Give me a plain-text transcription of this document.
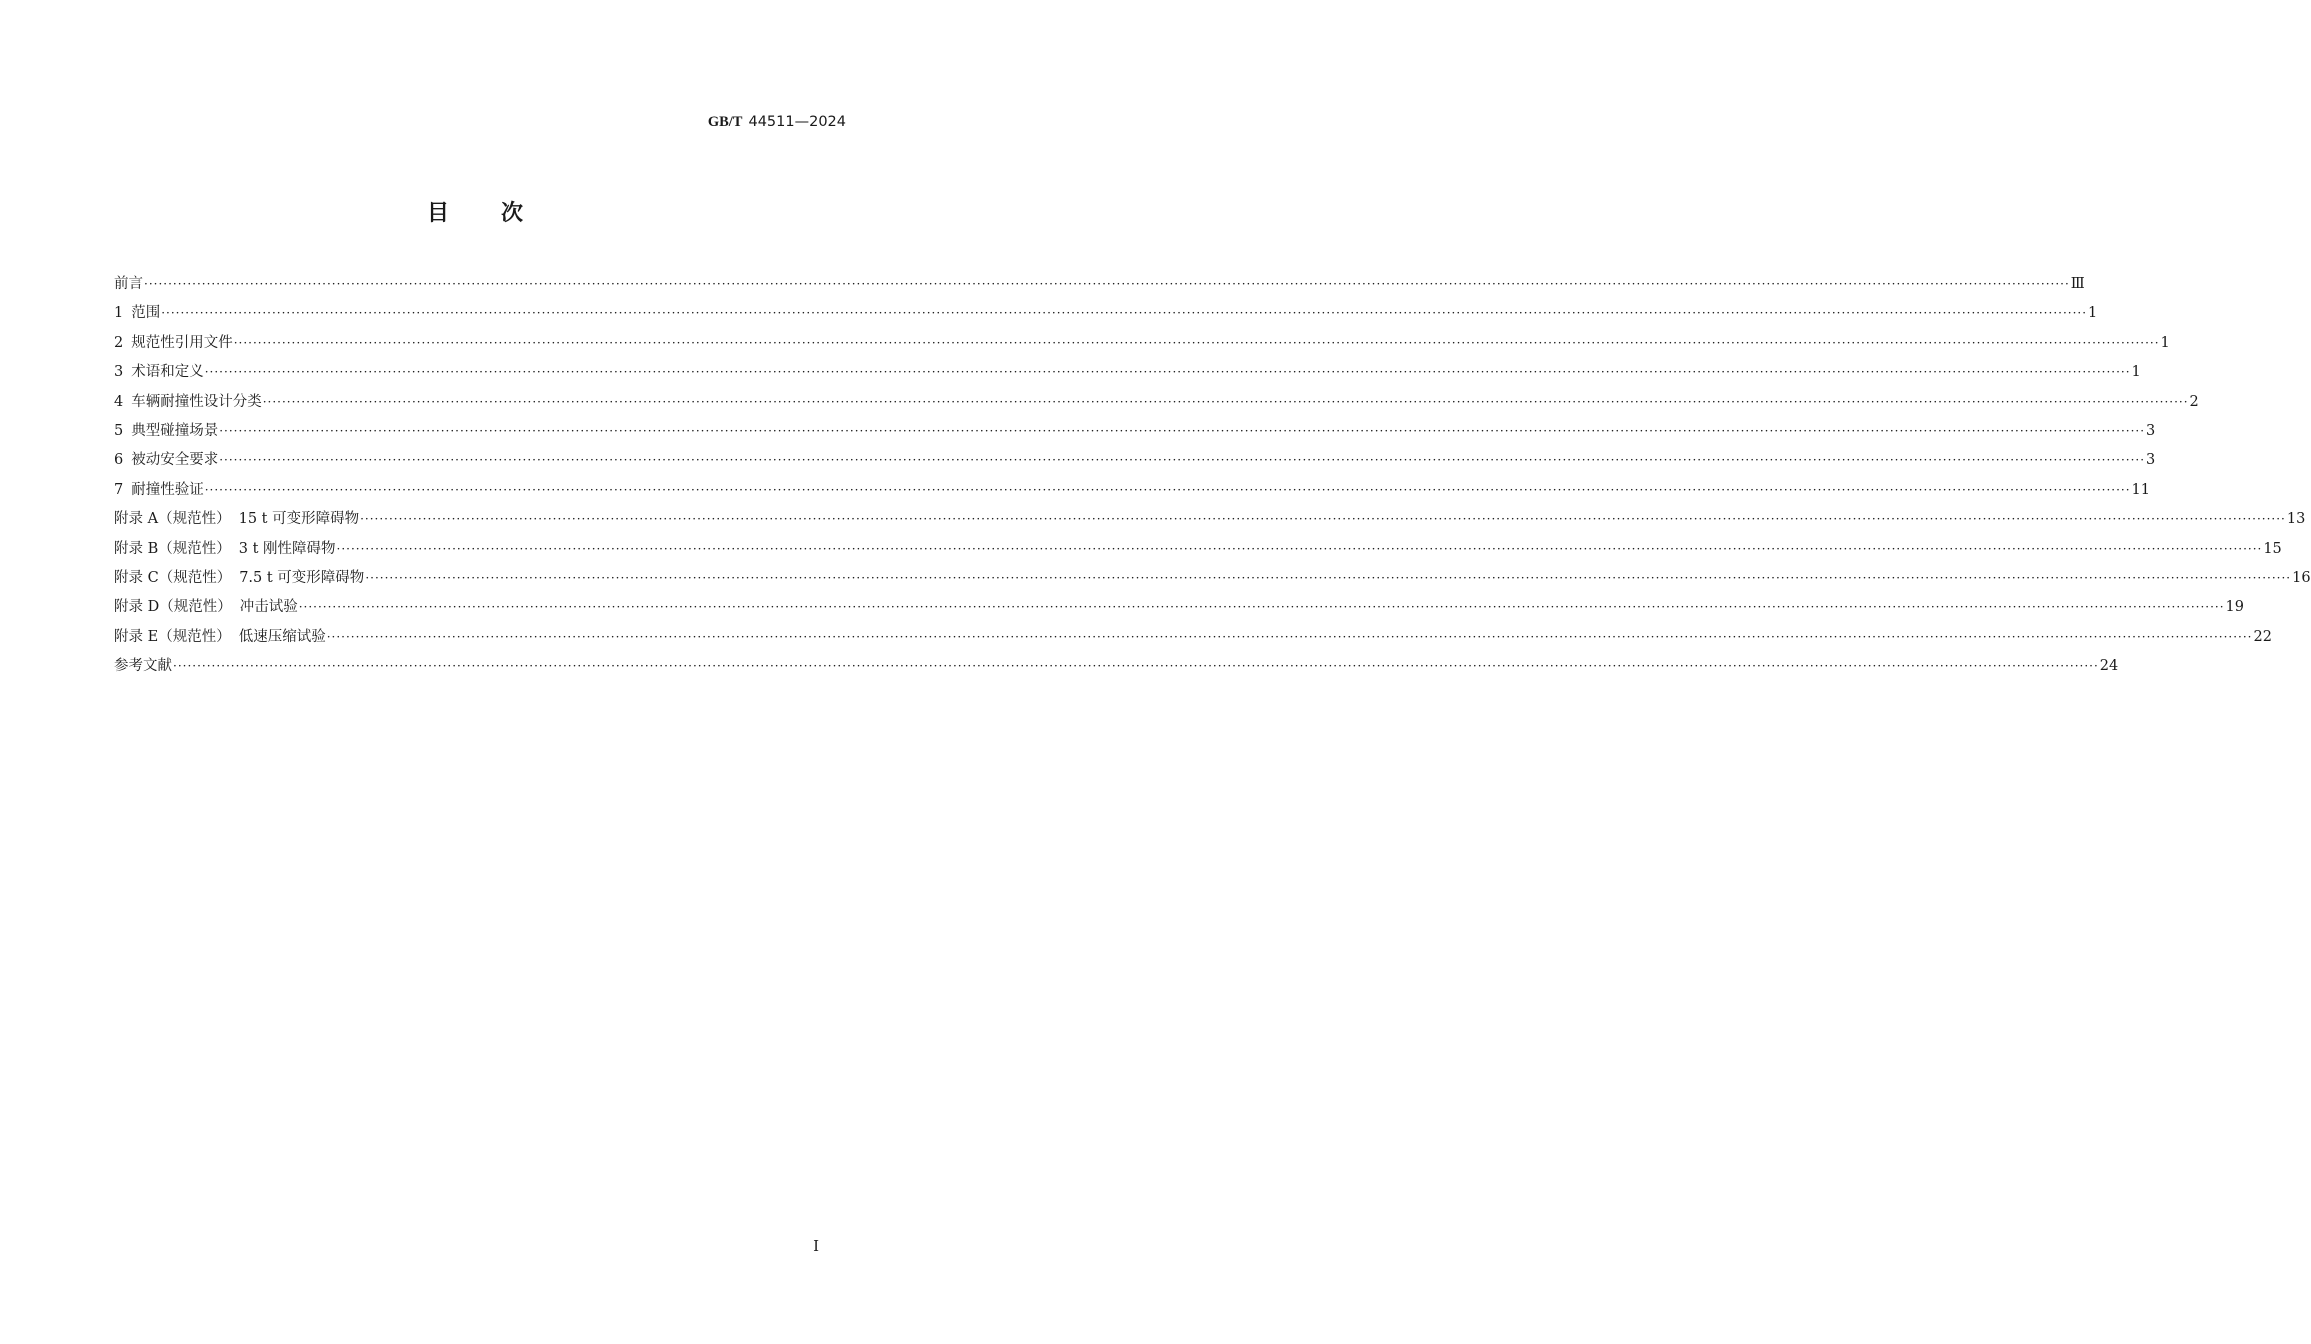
GB/T 44511—2024
目次
前言 ················································································································································································································································································································································································································ Ⅲ
1 范围 ················································································································································································································································································································································································································ 1
2 规范性引用文件 ················································································································································································································································································································································································································ 1
3 术语和定义 ················································································································································································································································································································································································································ 1
4 车辆耐撞性设计分类 ················································································································································································································································································································································································································ 2
5 典型碰撞场景 ················································································································································································································································································································································································································ 3
6 被动安全要求 ················································································································································································································································································································································································································ 3
7 耐撞性验证 ················································································································································································································································································································································································································ 11
附录 A（规范性） 15 t 可变形障碍物 ················································································································································································································································································································································································································ 13
附录 B（规范性） 3 t 刚性障碍物 ················································································································································································································································································································································································································ 15
附录 C（规范性） 7.5 t 可变形障碍物 ················································································································································································································································································································································································································ 16
附录 D（规范性） 冲击试验 ················································································································································································································································································································································································································ 19
附录 E（规范性） 低速压缩试验 ················································································································································································································································································································································································································ 22
参考文献 ················································································································································································································································································································································································································ 24
Ⅰ
